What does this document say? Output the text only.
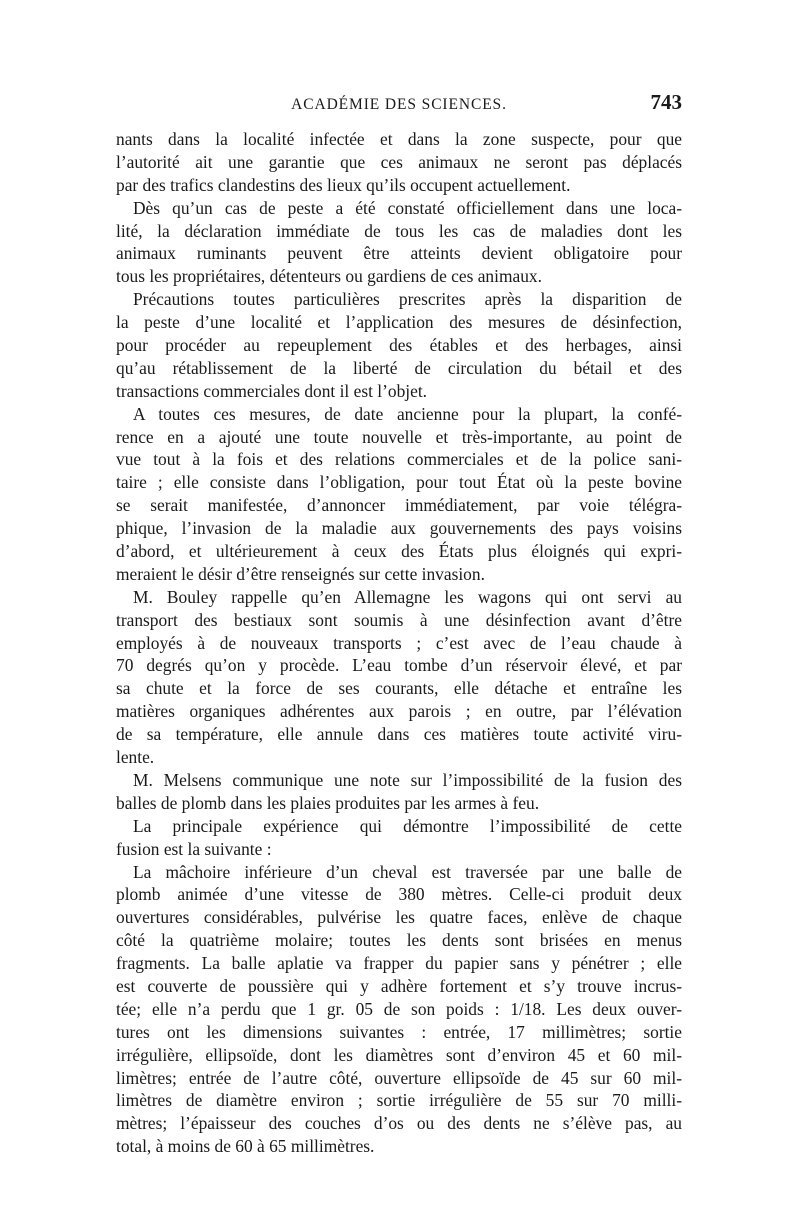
ACADÉMIE DES SCIENCES.	743
nants dans la localité infectée et dans la zone suspecte, pour que
l’autorité ait une garantie que ces animaux ne seront pas déplacés
par des trafics clandestins des lieux qu’ils occupent actuellement.
Dès qu’un cas de peste a été constaté officiellement dans une loca-
lité, la déclaration immédiate de tous les cas de maladies dont les
animaux ruminants peuvent être atteints devient obligatoire pour
tous les propriétaires, détenteurs ou gardiens de ces animaux.
Précautions toutes particulières prescrites après la disparition de
la peste d’une localité et l’application des mesures de désinfection,
pour procéder au repeuplement des étables et des herbages, ainsi
qu’au rétablissement de la liberté de circulation du bétail et des
transactions commerciales dont il est l’objet.
A toutes ces mesures, de date ancienne pour la plupart, la confé-
rence en a ajouté une toute nouvelle et très-importante, au point de
vue tout à la fois et des relations commerciales et de la police sani-
taire ; elle consiste dans l’obligation, pour tout État où la peste bovine
se serait manifestée, d’annoncer immédiatement, par voie télégra-
phique, l’invasion de la maladie aux gouvernements des pays voisins
d’abord, et ultérieurement à ceux des États plus éloignés qui expri-
meraient le désir d’être renseignés sur cette invasion.
M. Bouley rappelle qu’en Allemagne les wagons qui ont servi au
transport des bestiaux sont soumis à une désinfection avant d’être
employés à de nouveaux transports ; c’est avec de l’eau chaude à
70 degrés qu’on y procède. L’eau tombe d’un réservoir élevé, et par
sa chute et la force de ses courants, elle détache et entraîne les
matières organiques adhérentes aux parois ; en outre, par l’élévation
de sa température, elle annule dans ces matières toute activité viru-
lente.
M. Melsens communique une note sur l’impossibilité de la fusion des
balles de plomb dans les plaies produites par les armes à feu.
La principale expérience qui démontre l’impossibilité de cette
fusion est la suivante :
La mâchoire inférieure d’un cheval est traversée par une balle de
plomb animée d’une vitesse de 380 mètres. Celle-ci produit deux
ouvertures considérables, pulvérise les quatre faces, enlève de chaque
côté la quatrième molaire; toutes les dents sont brisées en menus
fragments. La balle aplatie va frapper du papier sans y pénétrer ; elle
est couverte de poussière qui y adhère fortement et s’y trouve incrus-
tée; elle n’a perdu que 1 gr. 05 de son poids : 1/18. Les deux ouver-
tures ont les dimensions suivantes : entrée, 17 millimètres; sortie
irrégulière, ellipsoïde, dont les diamètres sont d’environ 45 et 60 mil-
limètres; entrée de l’autre côté, ouverture ellipsoïde de 45 sur 60 mil-
limètres de diamètre environ ; sortie irrégulière de 55 sur 70 milli-
mètres; l’épaisseur des couches d’os ou des dents ne s’élève pas, au
total, à moins de 60 à 65 millimètres.
